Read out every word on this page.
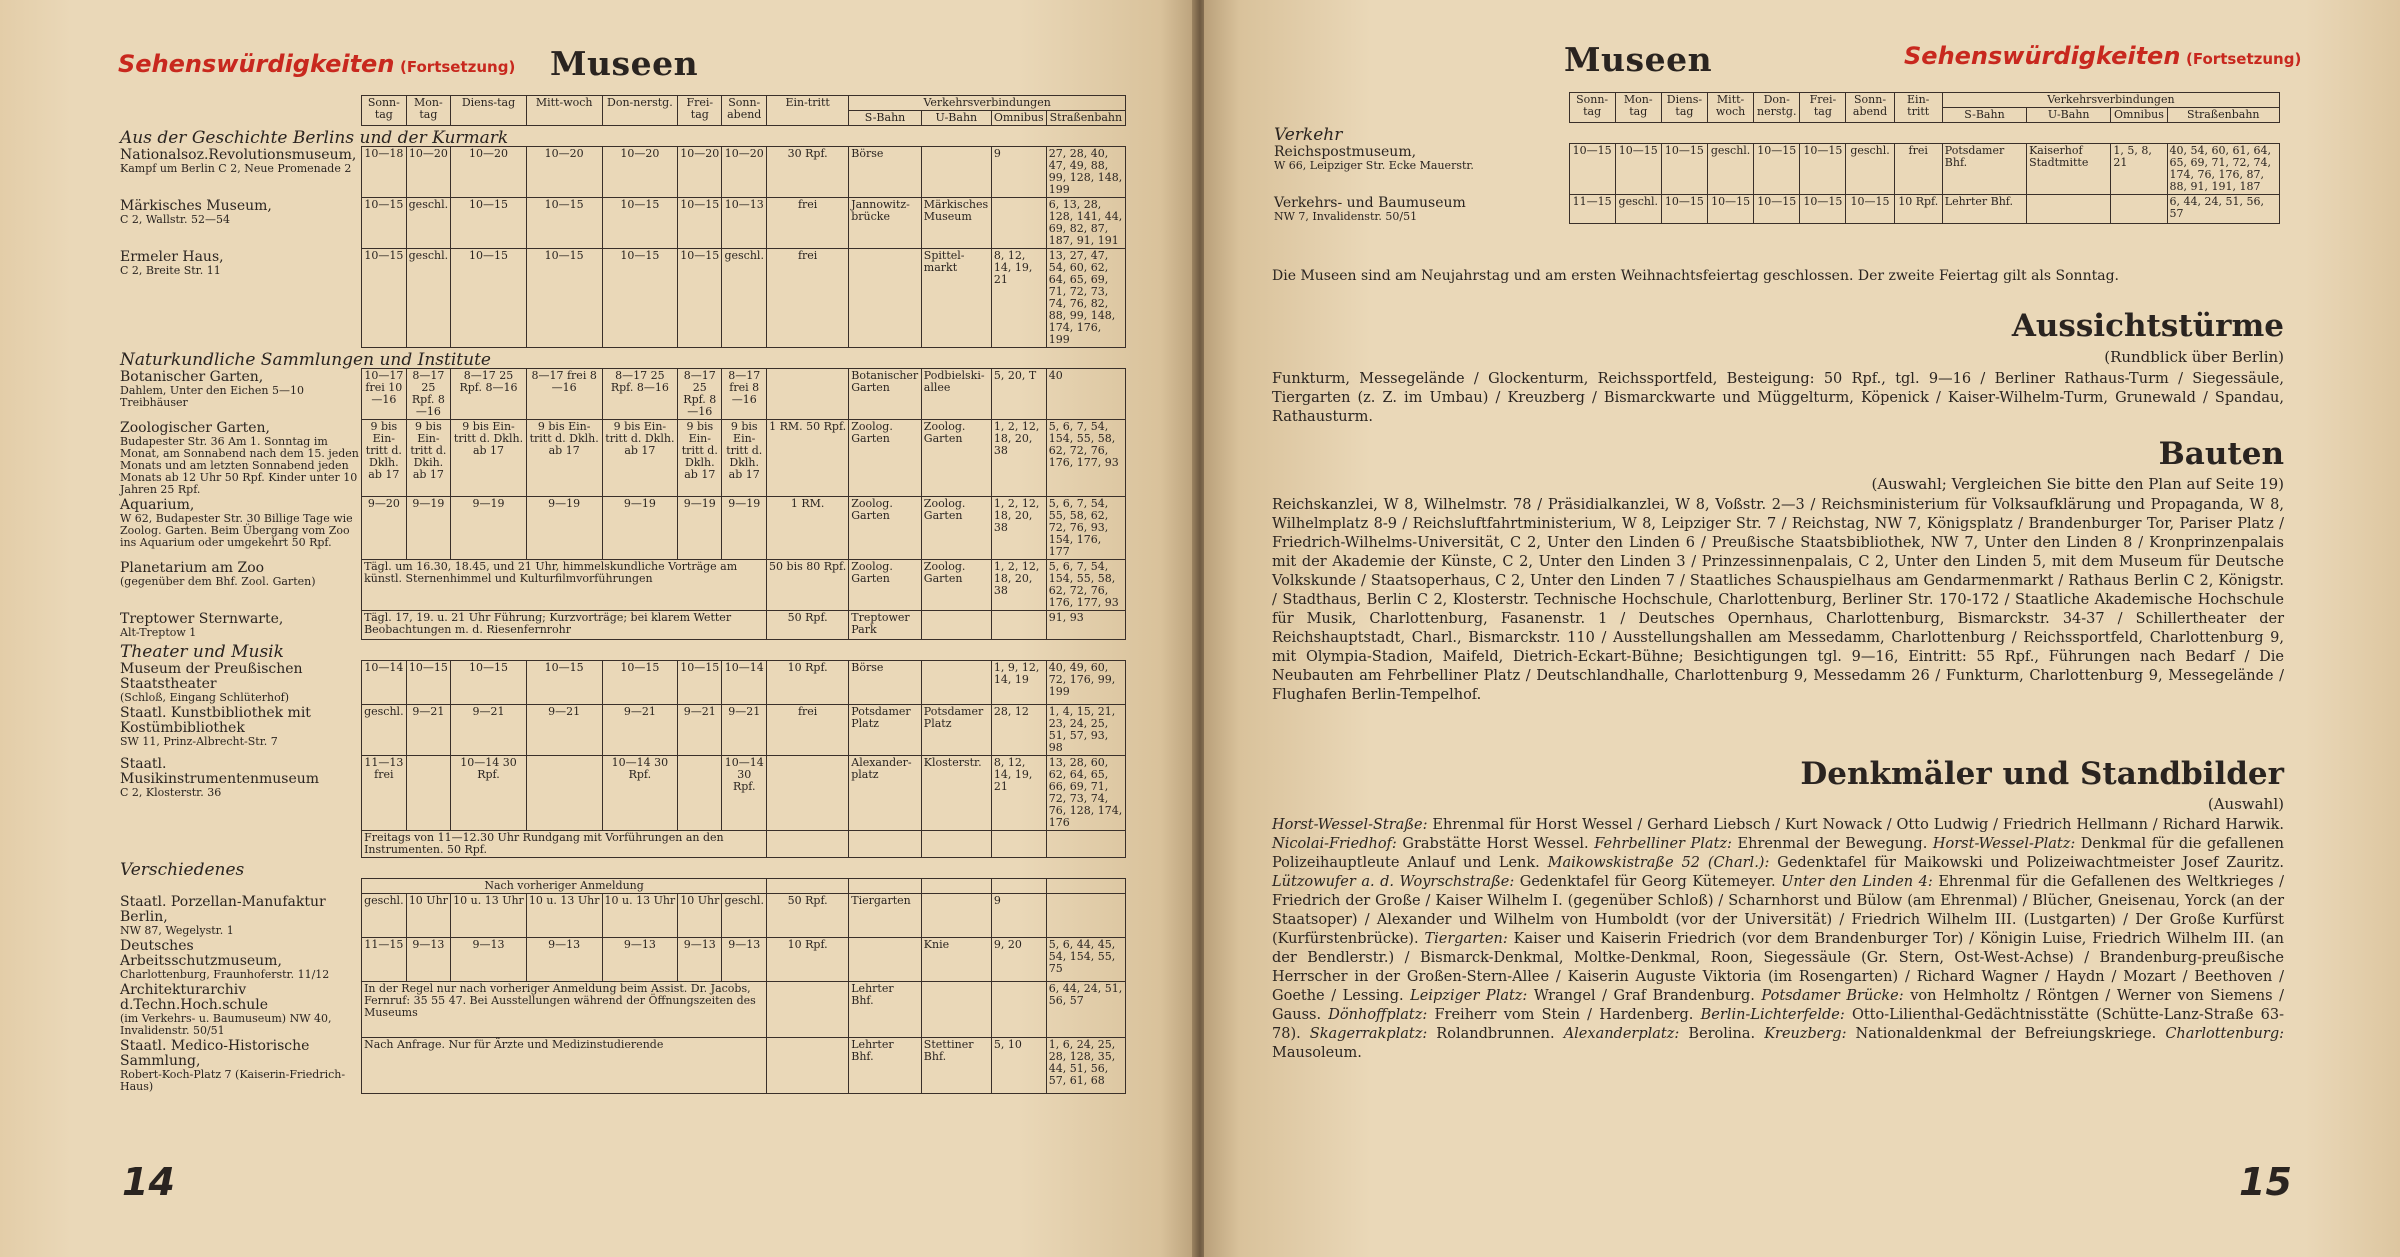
Sehenswürdigkeiten (Fortsetzung) Museen
	Sonn-tag	Mon-tag	Diens-tag	Mitt-woch	Don-nerstg.	Frei-tag	Sonn-abend	Ein-tritt	Verkehrsverbindungen			
									S-Bahn	U-Bahn	Omnibus	Straßenbahn
Aus der Geschichte Berlins und der Kurmark												

Nationalsoz.Revolutionsmuseum,
Kampf um Berlin C 2, Neue Promenade 2	10—18	10—20	10—20	10—20	10—20	10—20	10—20	30 Rpf.	Börse		9	27, 28, 40, 47, 49, 88, 99, 128, 148, 199

Märkisches Museum,
C 2, Wallstr. 52—54	10—15	geschl.	10—15	10—15	10—15	10—15	10—13	frei	Jannowitz-brücke	Märkisches Museum		6, 13, 28, 128, 141, 44, 69, 82, 87, 187, 91, 191

Ermeler Haus,
C 2, Breite Str. 11	10—15	geschl.	10—15	10—15	10—15	10—15	geschl.	frei		Spittel-markt	8, 12, 14, 19, 21	13, 27, 47, 54, 60, 62, 64, 65, 69, 71, 72, 73, 74, 76, 82, 88, 99, 148, 174, 176, 199
Naturkundliche Sammlungen und Institute												

Botanischer Garten,
Dahlem, Unter den Eichen 5—10 Treibhäuser	10—17 frei 10—16	8—17 25 Rpf. 8—16	8—17 25 Rpf. 8—16	8—17 frei 8—16	8—17 25 Rpf. 8—16	8—17 25 Rpf. 8—16	8—17 frei 8—16		Botanischer Garten	Podbielski-allee	5, 20, T	40

Zoologischer Garten,
Budapester Str. 36 Am 1. Sonntag im Monat, am Sonnabend nach dem 15. jeden Monats und am letzten Sonnabend jeden Monats ab 12 Uhr 50 Rpf. Kinder unter 10 Jahren 25 Rpf.	9 bis Ein-tritt d. Dklh. ab 17	9 bis Ein-tritt d. Dkih. ab 17	9 bis Ein-tritt d. Dklh. ab 17	9 bis Ein-tritt d. Dklh. ab 17	9 bis Ein-tritt d. Dklh. ab 17	9 bis Ein-tritt d. Dklh. ab 17	9 bis Ein-tritt d. Dklh. ab 17	1 RM. 50 Rpf.	Zoolog. Garten	Zoolog. Garten	1, 2, 12, 18, 20, 38	5, 6, 7, 54, 154, 55, 58, 62, 72, 76, 176, 177, 93

Aquarium,
W 62, Budapester Str. 30 Billige Tage wie Zoolog. Garten. Beim Übergang vom Zoo ins Aquarium oder umgekehrt 50 Rpf.	9—20	9—19	9—19	9—19	9—19	9—19	9—19	1 RM.	Zoolog. Garten	Zoolog. Garten	1, 2, 12, 18, 20, 38	5, 6, 7, 54, 55, 58, 62, 72, 76, 93, 154, 176, 177

Planetarium am Zoo
(gegenüber dem Bhf. Zool. Garten)	Tägl. um 16.30, 18.45, und 21 Uhr, himmelskundliche Vorträge am künstl. Sternenhimmel und Kulturfilmvorführungen							50 bis 80 Rpf.	Zoolog. Garten	Zoolog. Garten	1, 2, 12, 18, 20, 38	5, 6, 7, 54, 154, 55, 58, 62, 72, 76, 176, 177, 93

Treptower Sternwarte,
Alt-Treptow 1	Tägl. 17, 19. u. 21 Uhr Führung; Kurzvorträge; bei klarem Wetter Beobachtungen m. d. Riesenfernrohr							50 Rpf.	Treptower Park			91, 93
Theater und Musik												

Museum der Preußischen Staatstheater
(Schloß, Eingang Schlüterhof)	10—14	10—15	10—15	10—15	10—15	10—15	10—14	10 Rpf.	Börse		1, 9, 12, 14, 19	40, 49, 60, 72, 176, 99, 199

Staatl. Kunstbibliothek mit Kostümbibliothek
SW 11, Prinz-Albrecht-Str. 7	geschl.	9—21	9—21	9—21	9—21	9—21	9—21	frei	Potsdamer Platz	Potsdamer Platz	28, 12	1, 4, 15, 21, 23, 24, 25, 51, 57, 93, 98

Staatl. Musikinstrumentenmuseum
C 2, Klosterstr. 36	11—13 frei		10—14 30 Rpf.		10—14 30 Rpf.		10—14 30 Rpf.		Alexander-platz	Klosterstr.	8, 12, 14, 19, 21	13, 28, 60, 62, 64, 65, 66, 69, 71, 72, 73, 74, 76, 128, 174, 176
	Freitags von 11—12.30 Uhr Rundgang mit Vorführungen an den Instrumenten. 50 Rpf.											
Verschiedenes												
	Nach vorheriger Anmeldung											

Staatl. Porzellan-Manufaktur Berlin,
NW 87, Wegelystr. 1	geschl.	10 Uhr	10 u. 13 Uhr	10 u. 13 Uhr	10 u. 13 Uhr	10 Uhr	geschl.	50 Rpf.	Tiergarten		9	

Deutsches Arbeitsschutzmuseum,
Charlottenburg, Fraunhoferstr. 11/12	11—15	9—13	9—13	9—13	9—13	9—13	9—13	10 Rpf.		Knie	9, 20	5, 6, 44, 45, 54, 154, 55, 75

Architekturarchiv d.Techn.Hoch.schule
(im Verkehrs- u. Baumuseum) NW 40, Invalidenstr. 50/51	In der Regel nur nach vorheriger Anmeldung beim Assist. Dr. Jacobs, Fernruf: 35 55 47. Bei Ausstellungen während der Öffnungszeiten des Museums								Lehrter Bhf.			6, 44, 24, 51, 56, 57

Staatl. Medico-Historische Sammlung,
Robert-Koch-Platz 7 (Kaiserin-Friedrich-Haus)	Nach Anfrage. Nur für Ärzte und Medizinstudierende								Lehrter Bhf.	Stettiner Bhf.	5, 10	1, 6, 24, 25, 28, 128, 35, 44, 51, 56, 57, 61, 68
14
Museen	Sehenswürdigkeiten (Fortsetzung)
	Sonn-tag	Mon-tag	Diens-tag	Mitt-woch	Don-nerstg.	Frei-tag	Sonn-abend	Ein-tritt	Verkehrsverbindungen			
									S-Bahn	U-Bahn	Omnibus	Straßenbahn
Verkehr												

Reichspostmuseum,
W 66, Leipziger Str. Ecke Mauerstr.	10—15	10—15	10—15	geschl.	10—15	10—15	geschl.	frei	Potsdamer Bhf.	Kaiserhof Stadtmitte	1, 5, 8, 21	40, 54, 60, 61, 64, 65, 69, 71, 72, 74, 174, 76, 176, 87, 88, 91, 191, 187

Verkehrs- und Baumuseum
NW 7, Invalidenstr. 50/51	11—15	geschl.	10—15	10—15	10—15	10—15	10—15	10 Rpf.	Lehrter Bhf.			6, 44, 24, 51, 56, 57
Die Museen sind am Neujahrstag und am ersten Weihnachtsfeiertag geschlossen. Der zweite Feiertag gilt als Sonntag.
Aussichtstürme
(Rundblick über Berlin)
Funkturm, Messegelände / Glockenturm, Reichssportfeld, Besteigung: 50 Rpf., tgl. 9—16 / Berliner Rathaus-Turm / Siegessäule, Tiergarten (z. Z. im Umbau) / Kreuzberg / Bismarckwarte und Müggelturm, Köpenick / Kaiser-Wilhelm-Turm, Grunewald / Spandau, Rathausturm.
Bauten
(Auswahl; Vergleichen Sie bitte den Plan auf Seite 19)
Reichskanzlei, W 8, Wilhelmstr. 78 / Präsidialkanzlei, W 8, Voßstr. 2—3 / Reichsministerium für Volksaufklärung und Propaganda, W 8, Wilhelmplatz 8-9 / Reichsluftfahrtministerium, W 8, Leipziger Str. 7 / Reichstag, NW 7, Königsplatz / Brandenburger Tor, Pariser Platz / Friedrich-Wilhelms-Universität, C 2, Unter den Linden 6 / Preußische Staatsbibliothek, NW 7, Unter den Linden 8 / Kronprinzenpalais mit der Akademie der Künste, C 2, Unter den Linden 3 / Prinzessinnenpalais, C 2, Unter den Linden 5, mit dem Museum für Deutsche Volkskunde / Staatsoperhaus, C 2, Unter den Linden 7 / Staatliches Schauspielhaus am Gendarmenmarkt / Rathaus Berlin C 2, Königstr. / Stadthaus, Berlin C 2, Klosterstr. Technische Hochschule, Charlottenburg, Berliner Str. 170-172 / Staatliche Akademische Hochschule für Musik, Charlottenburg, Fasanenstr. 1 / Deutsches Opernhaus, Charlottenburg, Bismarckstr. 34-37 / Schillertheater der Reichshauptstadt, Charl., Bismarckstr. 110 / Ausstellungshallen am Messedamm, Charlottenburg / Reichssportfeld, Charlottenburg 9, mit Olympia-Stadion, Maifeld, Dietrich-Eckart-Bühne; Besichtigungen tgl. 9—16, Eintritt: 55 Rpf., Führungen nach Bedarf / Die Neubauten am Fehrbelliner Platz / Deutschlandhalle, Charlottenburg 9, Messedamm 26 / Funkturm, Charlottenburg 9, Messegelände / Flughafen Berlin-Tempelhof.
Denkmäler und Standbilder
(Auswahl)
Horst-Wessel-Straße: Ehrenmal für Horst Wessel / Gerhard Liebsch / Kurt Nowack / Otto Ludwig / Friedrich Hellmann / Richard Harwik. Nicolai-Friedhof: Grabstätte Horst Wessel. Fehrbelliner Platz: Ehrenmal der Bewegung. Horst-Wessel-Platz: Denkmal für die gefallenen Polizeihauptleute Anlauf und Lenk. Maikowskistraße 52 (Charl.): Gedenktafel für Maikowski und Polizeiwachtmeister Josef Zauritz. Lützowufer a. d. Woyrschstraße: Gedenktafel für Georg Kütemeyer. Unter den Linden 4: Ehrenmal für die Gefallenen des Weltkrieges / Friedrich der Große / Kaiser Wilhelm I. (gegenüber Schloß) / Scharnhorst und Bülow (am Ehrenmal) / Blücher, Gneisenau, Yorck (an der Staatsoper) / Alexander und Wilhelm von Humboldt (vor der Universität) / Friedrich Wilhelm III. (Lustgarten) / Der Große Kurfürst (Kurfürstenbrücke). Tiergarten: Kaiser und Kaiserin Friedrich (vor dem Brandenburger Tor) / Königin Luise, Friedrich Wilhelm III. (an der Bendlerstr.) / Bismarck-Denkmal, Moltke-Denkmal, Roon, Siegessäule (Gr. Stern, Ost-West-Achse) / Brandenburg-preußische Herrscher in der Großen-Stern-Allee / Kaiserin Auguste Viktoria (im Rosengarten) / Richard Wagner / Haydn / Mozart / Beethoven / Goethe / Lessing. Leipziger Platz: Wrangel / Graf Brandenburg. Potsdamer Brücke: von Helmholtz / Röntgen / Werner von Siemens / Gauss. Dönhoffplatz: Freiherr vom Stein / Hardenberg. Berlin-Lichterfelde: Otto-Lilienthal-Gedächtnisstätte (Schütte-Lanz-Straße 63-78). Skagerrakplatz: Rolandbrunnen. Alexanderplatz: Berolina. Kreuzberg: Nationaldenkmal der Befreiungskriege. Charlottenburg: Mausoleum.
15
